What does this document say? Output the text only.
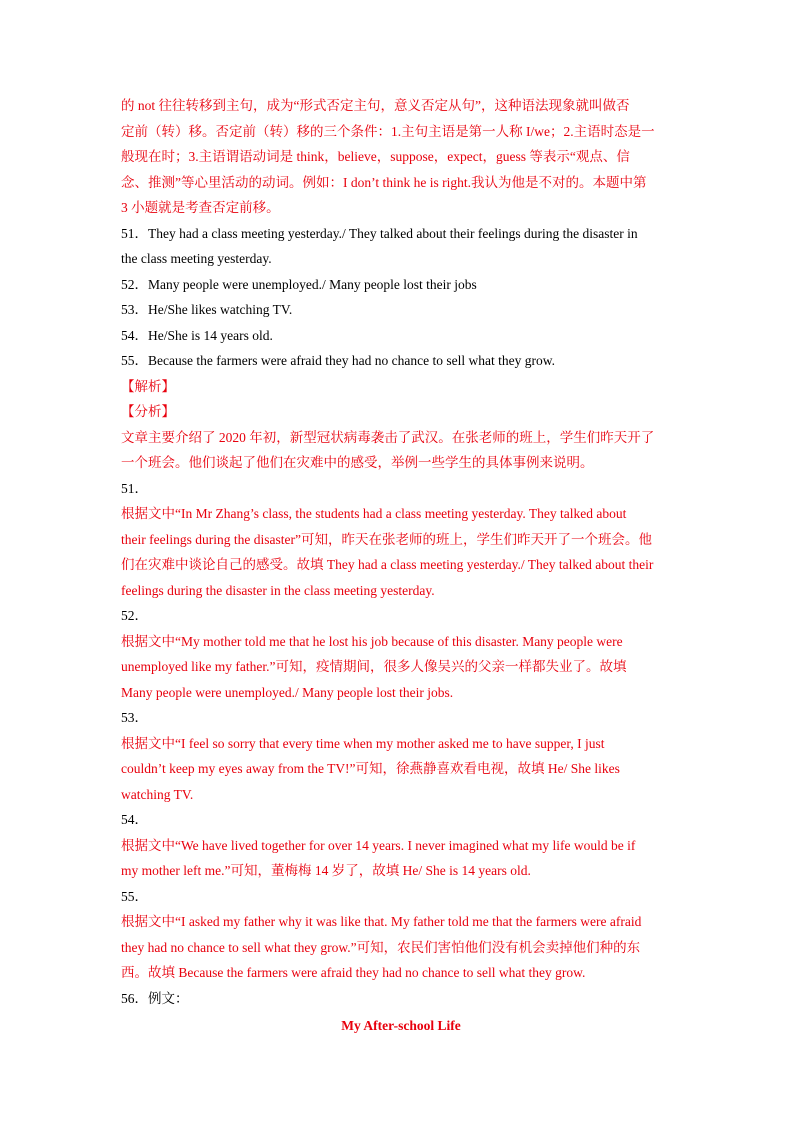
的 not 往往转移到主句，成为“形式否定主句，意义否定从句”，这种语法现象就叫做否
定前（转）移。否定前（转）移的三个条件：1.主句主语是第一人称 I/we；2.主语时态是一
般现在时；3.主语谓语动词是 think，believe，suppose，expect，guess 等表示“观点、信
念、推测”等心里活动的动词。例如：I don’t think he is right.我认为他是不对的。本题中第
3 小题就是考查否定前移。
51．They had a class meeting yesterday./ They talked about their feelings during the disaster in
the class meeting yesterday.
52．Many people were unemployed./ Many people lost their jobs
53．He/She likes watching TV.
54．He/She is 14 years old.
55．Because the farmers were afraid they had no chance to sell what they grow.
【解析】
【分析】
文章主要介绍了 2020 年初，新型冠状病毒袭击了武汉。在张老师的班上，学生们昨天开了
一个班会。他们谈起了他们在灾难中的感受，举例一些学生的具体事例来说明。
51．
根据文中“In Mr Zhang’s class, the students had a class meeting yesterday. They talked about
their feelings during the disaster”可知，昨天在张老师的班上，学生们昨天开了一个班会。他
们在灾难中谈论自己的感受。故填 They had a class meeting yesterday./ They talked about their
feelings during the disaster in the class meeting yesterday.
52．
根据文中“My mother told me that he lost his job because of this disaster. Many people were
unemployed like my father.”可知，疫情期间，很多人像吴兴的父亲一样都失业了。故填
Many people were unemployed./ Many people lost their jobs.
53．
根据文中“I feel so sorry that every time when my mother asked me to have supper, I just
couldn’t keep my eyes away from the TV!”可知，徐燕静喜欢看电视，故填 He/ She likes
watching TV.
54．
根据文中“We have lived together for over 14 years. I never imagined what my life would be if
my mother left me.”可知，董梅梅 14 岁了，故填 He/ She is 14 years old.
55．
根据文中“I asked my father why it was like that. My father told me that the farmers were afraid
they had no chance to sell what they grow.”可知，农民们害怕他们没有机会卖掉他们种的东
西。故填 Because the farmers were afraid they had no chance to sell what they grow.
56．例文：
My After-school Life
